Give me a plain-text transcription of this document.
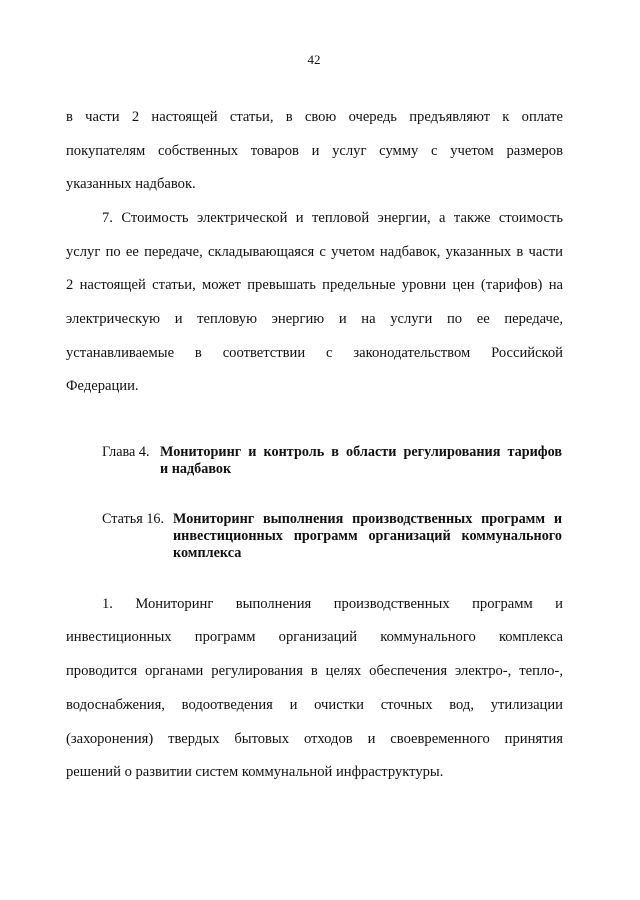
42
в части 2 настоящей статьи, в свою очередь предъявляют к оплате
покупателям собственных товаров и услуг сумму с учетом размеров
указанных надбавок.
7. Стоимость электрической и тепловой энергии, а также стоимость
услуг по ее передаче, складывающаяся с учетом надбавок, указанных в части
2 настоящей статьи, может превышать предельные уровни цен (тарифов) на
электрическую и тепловую энергию и на услуги по ее передаче,
устанавливаемые в соответствии с законодательством Российской
Федерации.
Глава 4. Мониторинг и контроль в области регулирования тарифов
и надбавок
Статья 16. Мониторинг выполнения производственных программ и
инвестиционных программ организаций коммунального
комплекса
1. Мониторинг выполнения производственных программ и
инвестиционных программ организаций коммунального комплекса
проводится органами регулирования в целях обеспечения электро-, тепло-,
водоснабжения, водоотведения и очистки сточных вод, утилизации
(захоронения) твердых бытовых отходов и своевременного принятия
решений о развитии систем коммунальной инфраструктуры.
